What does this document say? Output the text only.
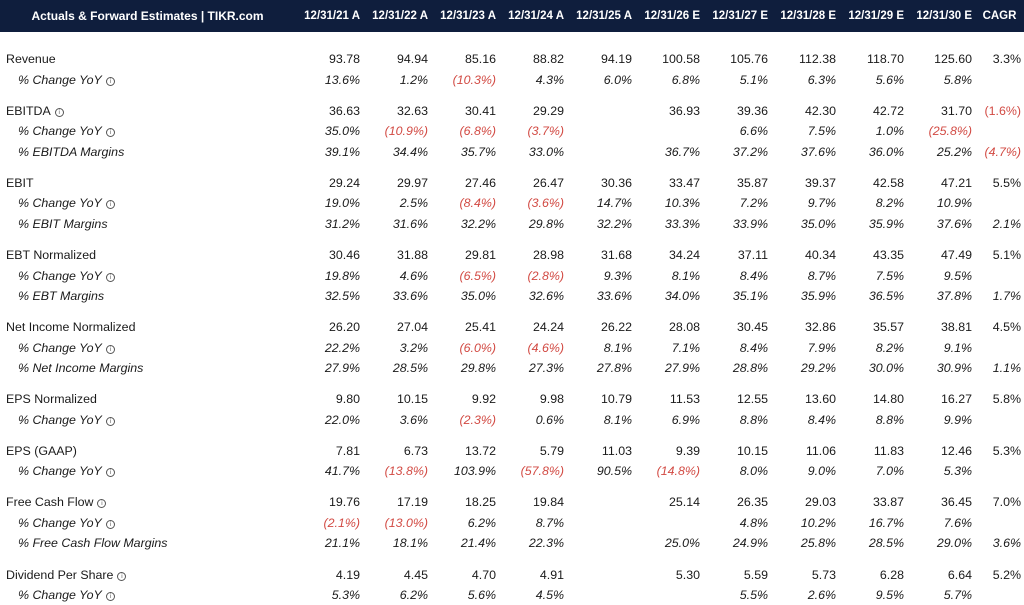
Actuals & Forward Estimates | TIKR.com	12/31/21 A	12/31/22 A	12/31/23 A	12/31/24 A	12/31/25 A	12/31/26 E	12/31/27 E	12/31/28 E	12/31/29 E	12/31/30 E	CAGR

Revenue	93.78	94.94	85.16	88.82	94.19	100.58	105.76	112.38	118.70	125.60	3.3%
% Change YoY i	13.6%	1.2%	(10.3%)	4.3%	6.0%	6.8%	5.1%	6.3%	5.6%	5.8%	

EBITDA i	36.63	32.63	30.41	29.29		36.93	39.36	42.30	42.72	31.70	(1.6%)
% Change YoY i	35.0%	(10.9%)	(6.8%)	(3.7%)			6.6%	7.5%	1.0%	(25.8%)	
% EBITDA Margins	39.1%	34.4%	35.7%	33.0%		36.7%	37.2%	37.6%	36.0%	25.2%	(4.7%)

EBIT	29.24	29.97	27.46	26.47	30.36	33.47	35.87	39.37	42.58	47.21	5.5%
% Change YoY i	19.0%	2.5%	(8.4%)	(3.6%)	14.7%	10.3%	7.2%	9.7%	8.2%	10.9%	
% EBIT Margins	31.2%	31.6%	32.2%	29.8%	32.2%	33.3%	33.9%	35.0%	35.9%	37.6%	2.1%

EBT Normalized	30.46	31.88	29.81	28.98	31.68	34.24	37.11	40.34	43.35	47.49	5.1%
% Change YoY i	19.8%	4.6%	(6.5%)	(2.8%)	9.3%	8.1%	8.4%	8.7%	7.5%	9.5%	
% EBT Margins	32.5%	33.6%	35.0%	32.6%	33.6%	34.0%	35.1%	35.9%	36.5%	37.8%	1.7%

Net Income Normalized	26.20	27.04	25.41	24.24	26.22	28.08	30.45	32.86	35.57	38.81	4.5%
% Change YoY i	22.2%	3.2%	(6.0%)	(4.6%)	8.1%	7.1%	8.4%	7.9%	8.2%	9.1%	
% Net Income Margins	27.9%	28.5%	29.8%	27.3%	27.8%	27.9%	28.8%	29.2%	30.0%	30.9%	1.1%

EPS Normalized	9.80	10.15	9.92	9.98	10.79	11.53	12.55	13.60	14.80	16.27	5.8%
% Change YoY i	22.0%	3.6%	(2.3%)	0.6%	8.1%	6.9%	8.8%	8.4%	8.8%	9.9%	

EPS (GAAP)	7.81	6.73	13.72	5.79	11.03	9.39	10.15	11.06	11.83	12.46	5.3%
% Change YoY i	41.7%	(13.8%)	103.9%	(57.8%)	90.5%	(14.8%)	8.0%	9.0%	7.0%	5.3%	

Free Cash Flow i	19.76	17.19	18.25	19.84		25.14	26.35	29.03	33.87	36.45	7.0%
% Change YoY i	(2.1%)	(13.0%)	6.2%	8.7%			4.8%	10.2%	16.7%	7.6%	
% Free Cash Flow Margins	21.1%	18.1%	21.4%	22.3%		25.0%	24.9%	25.8%	28.5%	29.0%	3.6%

Dividend Per Share i	4.19	4.45	4.70	4.91		5.30	5.59	5.73	6.28	6.64	5.2%
% Change YoY i	5.3%	6.2%	5.6%	4.5%			5.5%	2.6%	9.5%	5.7%	
